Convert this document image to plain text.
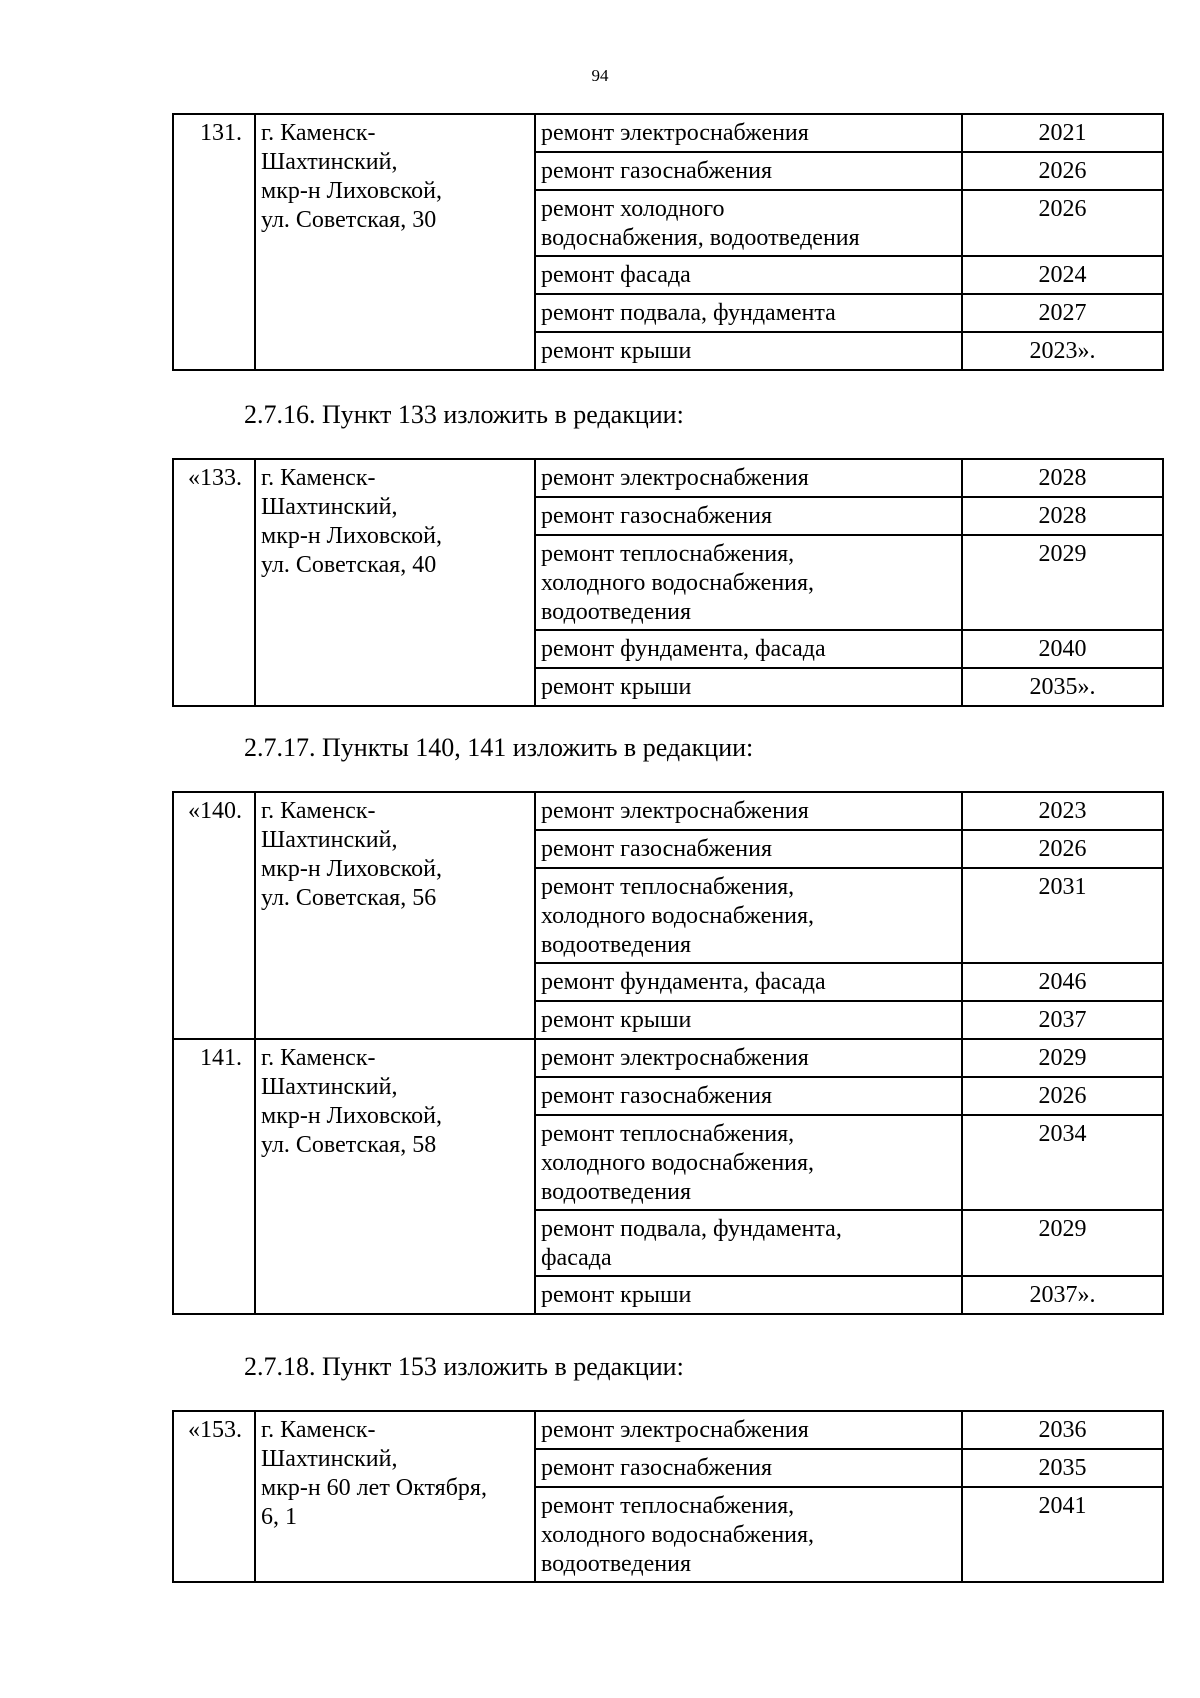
94
131.	г. Каменск-
Шахтинский,
мкр-н Лиховской,
ул. Советская, 30	ремонт электроснабжения	2021
		ремонт газоснабжения	2026
		ремонт холодного
водоснабжения, водоотведения	2026
		ремонт фасада	2024
		ремонт подвала, фундамента	2027
		ремонт крыши	2023».
2.7.16. Пункт 133 изложить в редакции:
«133.	г. Каменск-
Шахтинский,
мкр-н Лиховской,
ул. Советская, 40	ремонт электроснабжения	2028
		ремонт газоснабжения	2028
		ремонт теплоснабжения,
холодного водоснабжения,
водоотведения	2029
		ремонт фундамента, фасада	2040
		ремонт крыши	2035».
2.7.17. Пункты 140, 141 изложить в редакции:
«140.	г. Каменск-
Шахтинский,
мкр-н Лиховской,
ул. Советская, 56	ремонт электроснабжения	2023
		ремонт газоснабжения	2026
		ремонт теплоснабжения,
холодного водоснабжения,
водоотведения	2031
		ремонт фундамента, фасада	2046
		ремонт крыши	2037
141.	г. Каменск-
Шахтинский,
мкр-н Лиховской,
ул. Советская, 58	ремонт электроснабжения	2029
		ремонт газоснабжения	2026
		ремонт теплоснабжения,
холодного водоснабжения,
водоотведения	2034
		ремонт подвала, фундамента,
фасада	2029
		ремонт крыши	2037».
2.7.18. Пункт 153 изложить в редакции:
«153.	г. Каменск-
Шахтинский,
мкр-н 60 лет Октября,
6, 1	ремонт электроснабжения	2036
		ремонт газоснабжения	2035
		ремонт теплоснабжения,
холодного водоснабжения,
водоотведения	2041
